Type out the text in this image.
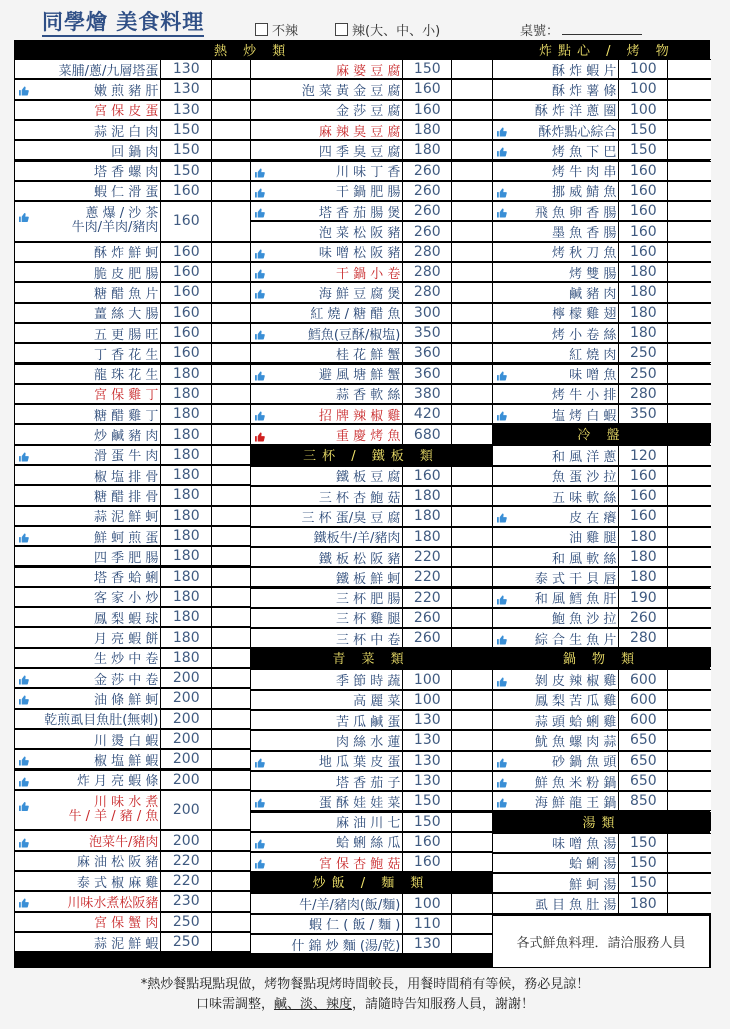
同學燴 美食料理	不辣	辣(大、中、小)	桌號：
熱 炒 類	炸點心 / 烤 物
菜脯/蔥/九層塔蛋	130
嫩 煎 豬 肝	130
宮 保 皮 蛋	130
蒜 泥 白 肉	150
回 鍋 肉	150
塔 香 螺 肉	150
蝦 仁 滑 蛋	160
蔥 爆 / 沙 茶
牛肉/羊肉/豬肉	160
酥 炸 鮮 蚵	160
脆 皮 肥 腸	160
糖 醋 魚 片	160
薑 絲 大 腸	160
五 更 腸 旺	160
丁 香 花 生	160
龍 珠 花 生	180
宮 保 雞 丁	180
糖 醋 雞 丁	180
炒 鹹 豬 肉	180
滑 蛋 牛 肉	180
椒 塩 排 骨	180
糖 醋 排 骨	180
蒜 泥 鮮 蚵	180
鮮 蚵 煎 蛋	180
四 季 肥 腸	180
塔 香 蛤 蜊	180
客 家 小 炒	180
鳳 梨 蝦 球	180
月 亮 蝦 餅	180
生 炒 中 卷	180
金 莎 中 卷	200
油 條 鮮 蚵	200
乾煎虱目魚肚(無刺)	200
川 燙 白 蝦	200
椒 塩 鮮 蝦	200
炸 月 亮 蝦 條	200
川 味 水 煮
牛 / 羊 / 豬 / 魚	200
泡菜牛/豬肉	200
麻 油 松 阪 豬	220
泰 式 椒 麻 雞	220
川味水煮松阪豬	230
宮 保 蟹 肉	250
蒜 泥 鮮 蝦	250
麻 婆 豆 腐 150
泡 菜 黃 金 豆 腐 160
金 莎 豆 腐 160
麻 辣 臭 豆 腐 180
四 季 臭 豆 腐 180
川 味 丁 香 260
干 鍋 肥 腸 260
塔 香 茄 腸 煲 260
泡 菜 松 阪 豬 260
味 噌 松 阪 豬 280
干 鍋 小 卷 280
海 鮮 豆 腐 煲 280
紅 燒 / 糖 醋 魚 300
鱈魚(豆酥/椒塩) 350
桂 花 鮮 蟹 360
避 風 塘 鮮 蟹 360
蒜 香 軟 絲 380
招 牌 辣 椒 雞 420
重 慶 烤 魚 680
三杯 / 鐵板 類
鐵 板 豆 腐 160
三 杯 杏 鮑 菇 180
三 杯 蛋/臭 豆 腐 180
鐵板牛/羊/豬肉 180
鐵 板 松 阪 豬 220
鐵 板 鮮 蚵 220
三 杯 肥 腸 220
三 杯 雞 腿 260
三 杯 中 卷 260
青 菜 類
季 節 時 蔬 100
高 麗 菜 100
苦 瓜 鹹 蛋 130
肉 絲 水 蓮 130
地 瓜 葉 皮 蛋 130
塔 香 茄 子 130
蛋 酥 娃 娃 菜 150
麻 油 川 七 150
蛤 蜊 絲 瓜 160
宮 保 杏 鮑 菇 160
炒飯 / 麵 類
牛/羊/豬肉(飯/麵) 100
蝦 仁 ( 飯 / 麵 ) 110
什 錦 炒 麵 (湯/乾) 130
酥 炸 蝦 片 100
酥 炸 薯 條 100
酥 炸 洋 蔥 圈 100
酥炸點心綜合 150
烤 魚 下 巴 150
烤 牛 肉 串 160
挪 威 鯖 魚 160
飛 魚 卵 香 腸 160
墨 魚 香 腸 160
烤 秋 刀 魚 160
烤 雙 腸 180
鹹 豬 肉 180
檸 檬 雞 翅 180
烤 小 卷 絲 180
紅 燒 肉 250
味 噌 魚 250
烤 牛 小 排 280
塩 烤 白 蝦 350
冷 盤
和 風 洋 蔥 120
魚 蛋 沙 拉 160
五 味 軟 絲 160
皮 在 癢 160
油 雞 腿 180
和 風 軟 絲 180
泰 式 干 貝 唇 180
和 風 鱈 魚 肝 190
鮑 魚 沙 拉 260
綜 合 生 魚 片 280
鍋 物 類
剝 皮 辣 椒 雞 600
鳳 梨 苦 瓜 雞 600
蒜 頭 蛤 蜊 雞 600
魷 魚 螺 肉 蒜 650
砂 鍋 魚 頭 650
鮮 魚 米 粉 鍋 650
海 鮮 龍 王 鍋 850
湯類
味 噌 魚 湯 150
蛤 蜊 湯 150
鮮 蚵 湯 150
虱 目 魚 肚 湯 180
各式鮮魚料理．請洽服務人員
*熱炒餐點現點現做，烤物餐點現烤時間較長，用餐時間稍有等候，務必見諒！
口味需調整，鹹、淡、辣度，請隨時告知服務人員，謝謝！
